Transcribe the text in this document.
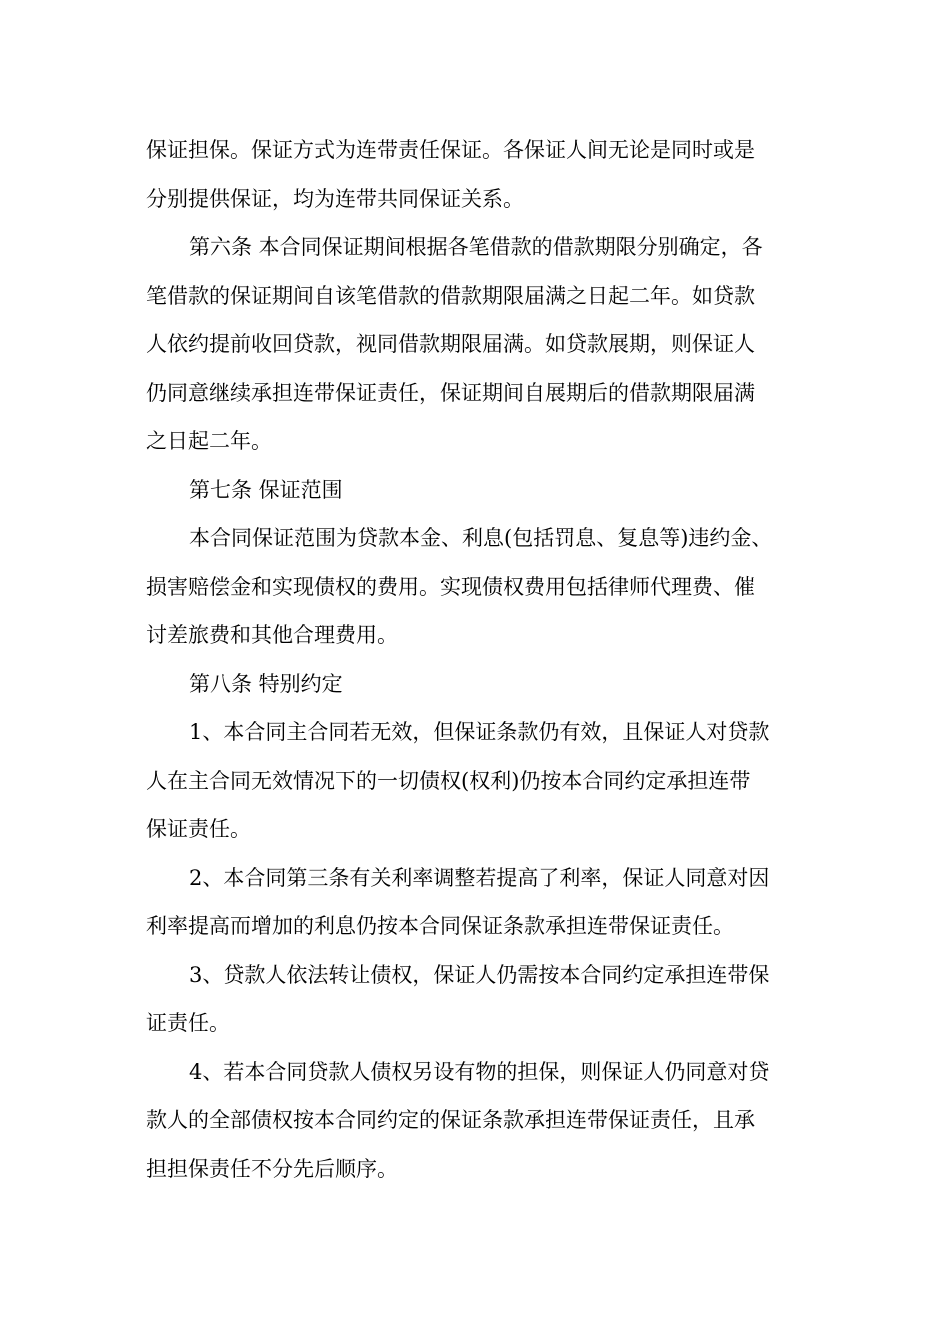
保证担保。保证方式为连带责任保证。各保证人间无论是同时或是
分别提供保证，均为连带共同保证关系。

第六条 本合同保证期间根据各笔借款的借款期限分别确定，各
笔借款的保证期间自该笔借款的借款期限届满之日起二年。如贷款
人依约提前收回贷款，视同借款期限届满。如贷款展期，则保证人
仍同意继续承担连带保证责任，保证期间自展期后的借款期限届满
之日起二年。

第七条 保证范围

本合同保证范围为贷款本金、利息(包括罚息、复息等)违约金、
损害赔偿金和实现债权的费用。实现债权费用包括律师代理费、催
讨差旅费和其他合理费用。

第八条 特别约定

1、本合同主合同若无效，但保证条款仍有效，且保证人对贷款
人在主合同无效情况下的一切债权(权利)仍按本合同约定承担连带
保证责任。

2、本合同第三条有关利率调整若提高了利率，保证人同意对因
利率提高而增加的利息仍按本合同保证条款承担连带保证责任。

3、贷款人依法转让债权，保证人仍需按本合同约定承担连带保
证责任。

4、若本合同贷款人债权另设有物的担保，则保证人仍同意对贷
款人的全部债权按本合同约定的保证条款承担连带保证责任，且承
担担保责任不分先后顺序。
